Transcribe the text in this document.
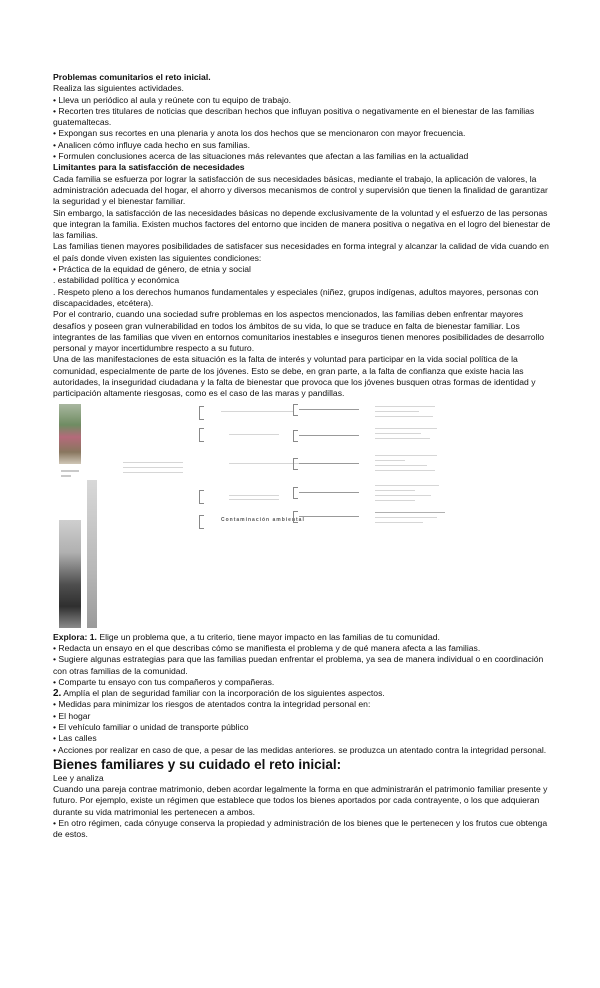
Problemas comunitarios el reto inicial.

Realiza las siguientes actividades.

• Lleva un periódico al aula y reúnete con tu equipo de trabajo.

• Recorten tres titulares de noticias que describan hechos que influyan positiva o negativamente en el bienestar de las familias guatemaltecas.

• Expongan sus recortes en una plenaria y anota los dos hechos que se mencionaron con mayor frecuencia.

• Analicen cómo influye cada hecho en sus familias.

• Formulen conclusiones acerca de las situaciones más relevantes que afectan a las familias en la actualidad

Limitantes para la satisfacción de necesidades

Cada familia se esfuerza por lograr la satisfacción de sus necesidades básicas, mediante el trabajo, la aplicación de valores, la administración adecuada del hogar, el ahorro y diversos mecanismos de control y supervisión que tienen la finalidad de garantizar la seguridad y el bienestar familiar.

Sin embargo, la satisfacción de las necesidades básicas no depende exclusivamente de la voluntad y el esfuerzo de las personas que integran la familia. Existen muchos factores del entorno que inciden de manera positiva o negativa en el logro del bienestar de las familias.

Las familias tienen mayores posibilidades de satisfacer sus necesidades en forma integral y alcanzar la calidad de vida cuando en el país donde viven existen las siguientes condiciones:

• Práctica de la equidad de género, de etnia y social

. estabilidad política y económica

. Respeto pleno a los derechos humanos fundamentales y especiales (niñez, grupos indígenas, adultos mayores, personas con discapacidades, etcétera).

Por el contrario, cuando una sociedad sufre problemas en los aspectos mencionados, las familias deben enfrentar mayores desafíos y poseen gran vulnerabilidad en todos los ámbitos de su vida, lo que se traduce en falta de bienestar familiar. Los integrantes de las familias que viven en entornos comunitarios inestables e inseguros tienen menores posibilidades de desarrollo personal y mayor incertidumbre respecto a su futuro.

Una de las manifestaciones de esta situación es la falta de interés y voluntad para participar en la vida social política de la comunidad, especialmente de parte de los jóvenes. Esto se debe, en gran parte, a la falta de confianza que existe hacia las autoridades, la inseguridad ciudadana y la falta de bienestar que provoca que los jóvenes busquen otras formas de identidad y participación altamente riesgosas, como es el caso de las maras y pandillas.

Contaminación ambiental

Explora: 1. Elige un problema que, a tu criterio, tiene mayor impacto en las familias de tu comunidad.

• Redacta un ensayo en el que describas cómo se manifiesta el problema y de qué manera afecta a las familias.

• Sugiere algunas estrategias para que las familias puedan enfrentar el problema, ya sea de manera individual o en coordinación con otras familias de la comunidad.

• Comparte tu ensayo con tus compañeros y compañeras.

2. Amplía el plan de seguridad familiar con la incorporación de los siguientes aspectos.

• Medidas para minimizar los riesgos de atentados contra la integridad personal en:

• El hogar

• El vehículo familiar o unidad de transporte público

• Las calles

• Acciones por realizar en caso de que, a pesar de las medidas anteriores. se produzca un atentado contra la integridad personal.

Bienes familiares y su cuidado el reto inicial:

Lee y analiza

Cuando una pareja contrae matrimonio, deben acordar legalmente la forma en que administrarán el patrimonio familiar presente y futuro. Por ejemplo, existe un régimen que establece que todos los bienes aportados por cada contrayente, o los que adquieran durante su vida matrimonial les pertenecen a ambos.

• En otro régimen, cada cónyuge conserva la propiedad y administración de los bienes que le pertenecen y los frutos cue obtenga de estos.
